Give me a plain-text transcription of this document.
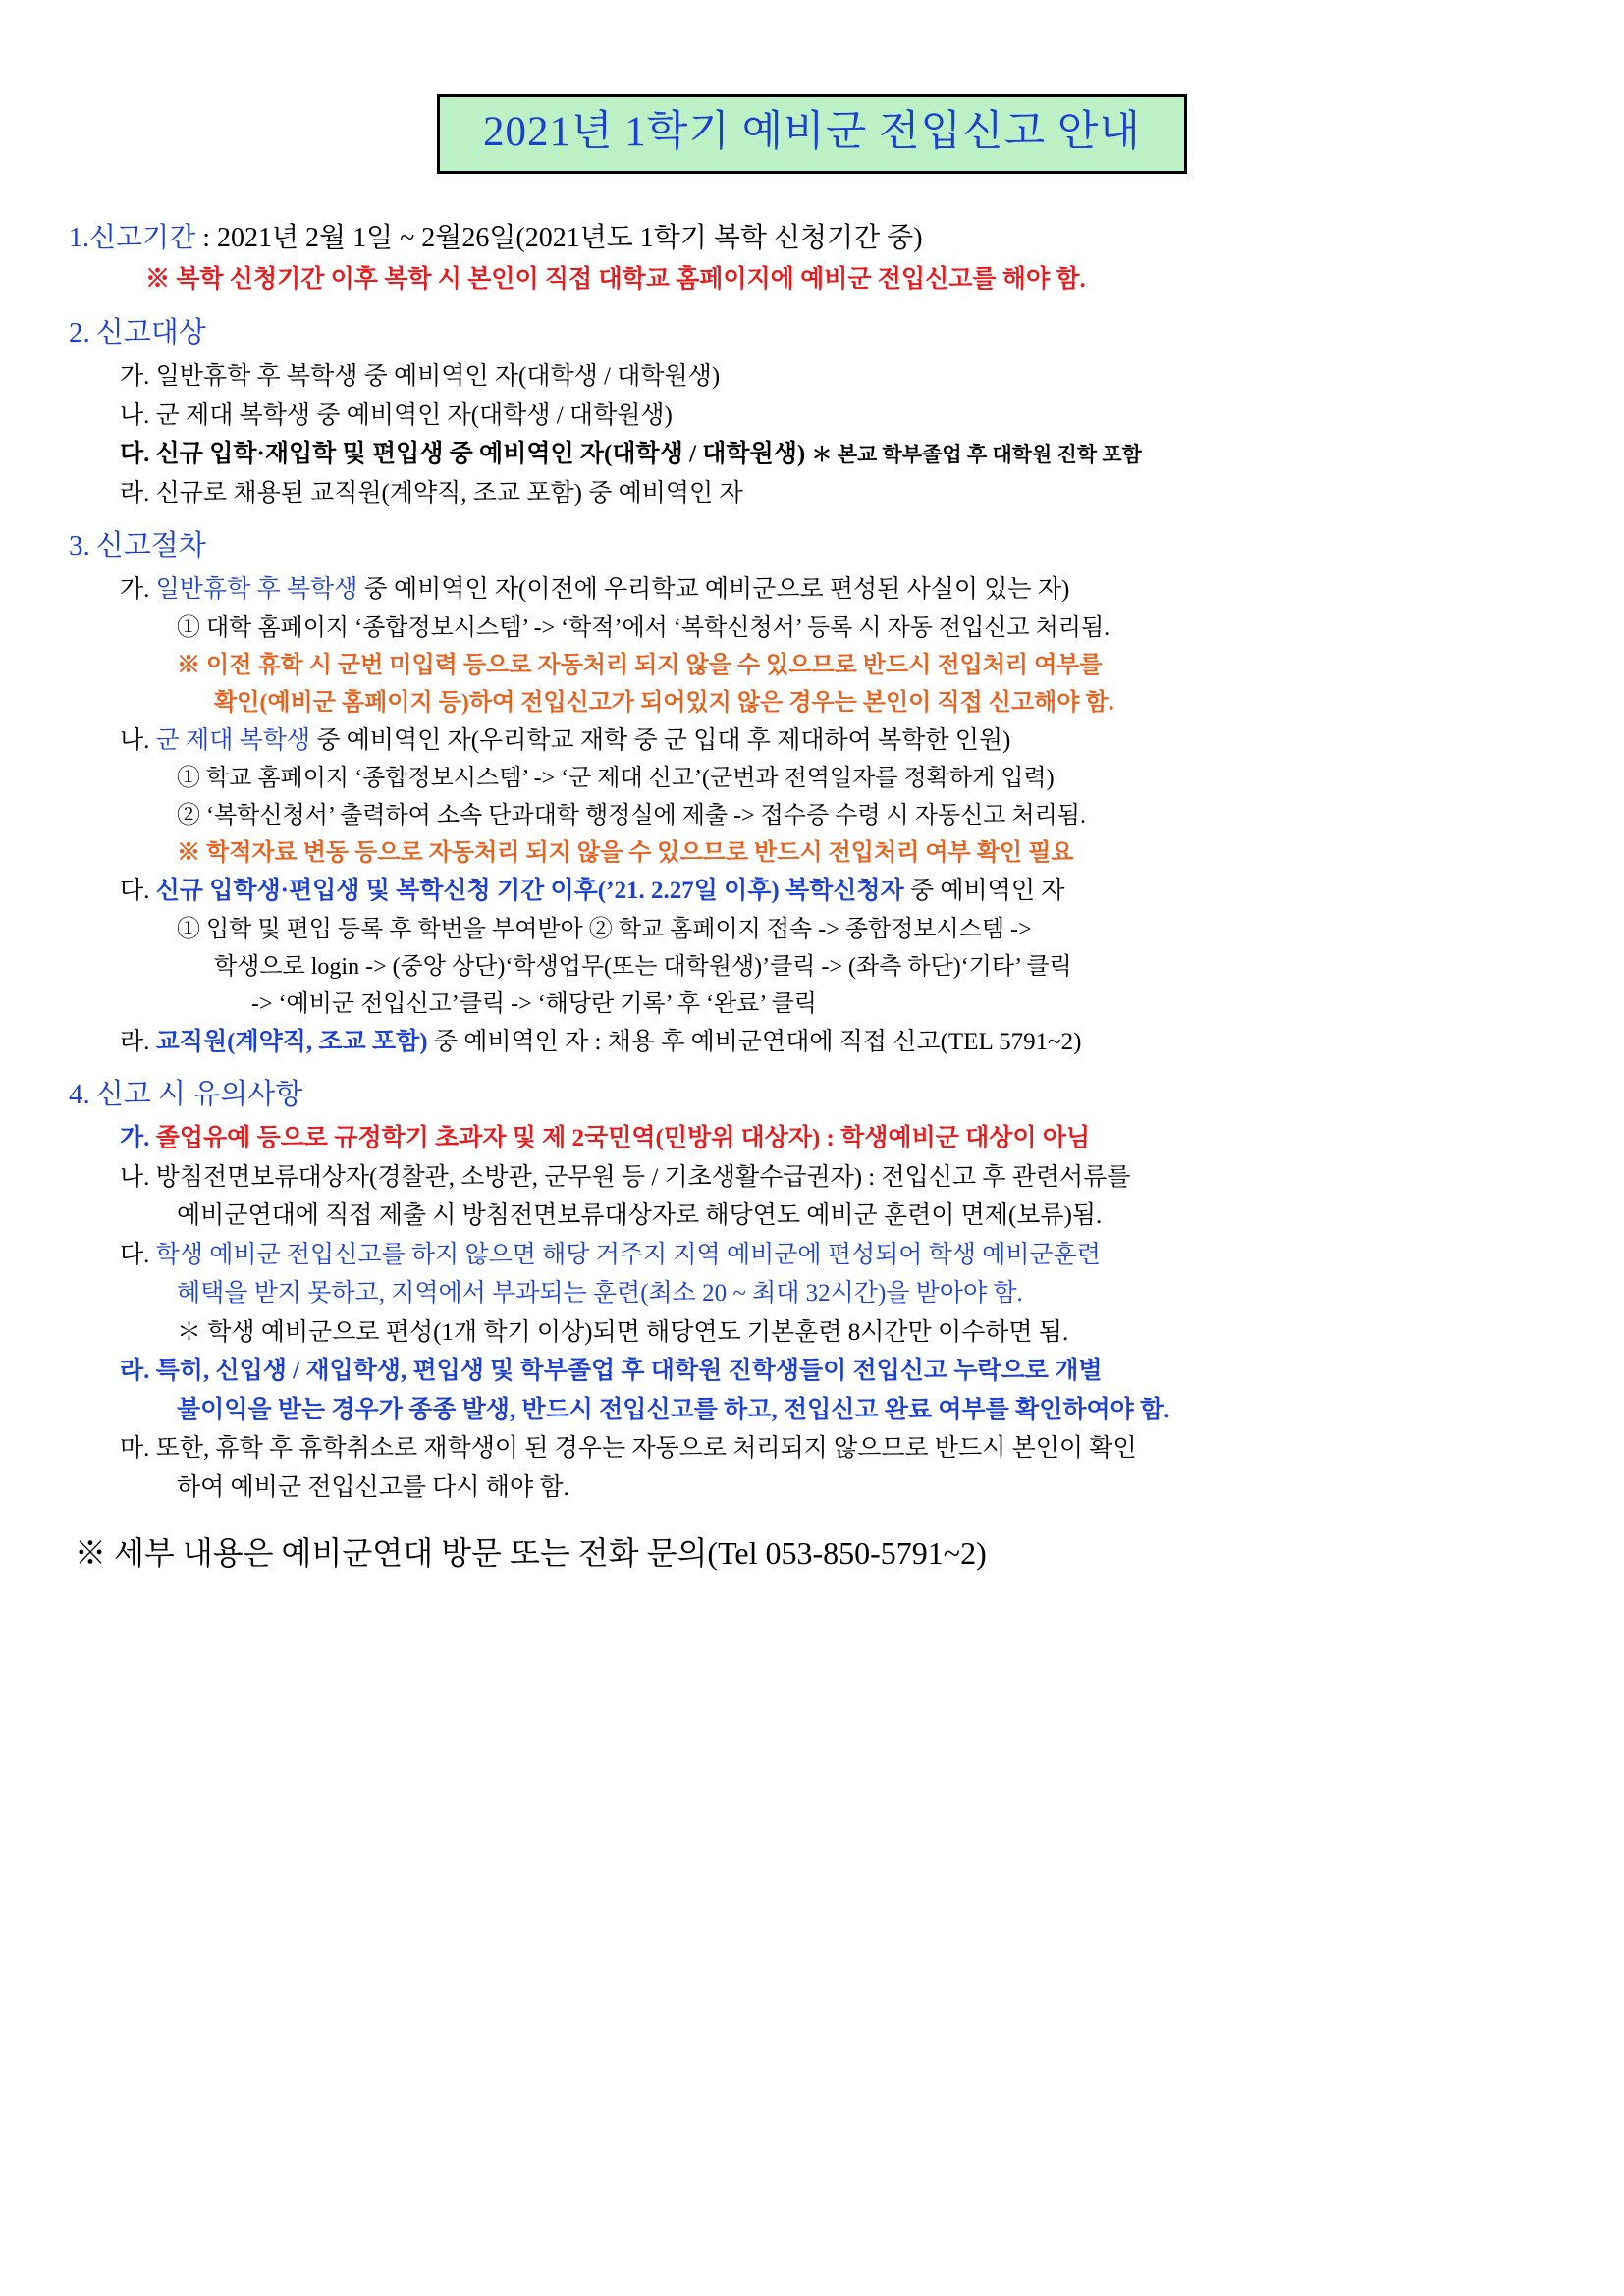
2021년 1학기 예비군 전입신고 안내
1.신고기간 : 2021년 2월 1일 ~ 2월26일(2021년도 1학기 복학 신청기간 중)
※ 복학 신청기간 이후 복학 시 본인이 직접 대학교 홈페이지에 예비군 전입신고를 해야 함.
2. 신고대상
가. 일반휴학 후 복학생 중 예비역인 자(대학생 / 대학원생)
나. 군 제대 복학생 중 예비역인 자(대학생 / 대학원생)
다. 신규 입학·재입학 및 편입생 중 예비역인 자(대학생 / 대학원생) ＊ 본교 학부졸업 후 대학원 진학 포함
라. 신규로 채용된 교직원(계약직, 조교 포함) 중 예비역인 자
3. 신고절차
가. 일반휴학 후 복학생 중 예비역인 자(이전에 우리학교 예비군으로 편성된 사실이 있는 자)
① 대학 홈페이지 ‘종합정보시스템’ -> ‘학적’에서 ‘복학신청서’ 등록 시 자동 전입신고 처리됨.
※ 이전 휴학 시 군번 미입력 등으로 자동처리 되지 않을 수 있으므로 반드시 전입처리 여부를
확인(예비군 홈페이지 등)하여 전입신고가 되어있지 않은 경우는 본인이 직접 신고해야 함.
나. 군 제대 복학생 중 예비역인 자(우리학교 재학 중 군 입대 후 제대하여 복학한 인원)
① 학교 홈페이지 ‘종합정보시스템’ -> ‘군 제대 신고’(군번과 전역일자를 정확하게 입력)
② ‘복학신청서’ 출력하여 소속 단과대학 행정실에 제출 -> 접수증 수령 시 자동신고 처리됨.
※ 학적자료 변동 등으로 자동처리 되지 않을 수 있으므로 반드시 전입처리 여부 확인 필요
다. 신규 입학생·편입생 및 복학신청 기간 이후(’21. 2.27일 이후) 복학신청자 중 예비역인 자
① 입학 및 편입 등록 후 학번을 부여받아 ② 학교 홈페이지 접속 -> 종합정보시스템 ->
학생으로 login -> (중앙 상단)‘학생업무(또는 대학원생)’클릭 -> (좌측 하단)‘기타’ 클릭
-> ‘예비군 전입신고’클릭 -> ‘해당란 기록’ 후 ‘완료’ 클릭
라. 교직원(계약직, 조교 포함) 중 예비역인 자 : 채용 후 예비군연대에 직접 신고(TEL 5791~2)
4. 신고 시 유의사항
가. 졸업유예 등으로 규정학기 초과자 및 제 2국민역(민방위 대상자) : 학생예비군 대상이 아님
나. 방침전면보류대상자(경찰관, 소방관, 군무원 등 / 기초생활수급권자) : 전입신고 후 관련서류를
예비군연대에 직접 제출 시 방침전면보류대상자로 해당연도 예비군 훈련이 면제(보류)됨.
다. 학생 예비군 전입신고를 하지 않으면 해당 거주지 지역 예비군에 편성되어 학생 예비군훈련
혜택을 받지 못하고, 지역에서 부과되는 훈련(최소 20 ~ 최대 32시간)을 받아야 함.
＊ 학생 예비군으로 편성(1개 학기 이상)되면 해당연도 기본훈련 8시간만 이수하면 됨.
라. 특히, 신입생 / 재입학생, 편입생 및 학부졸업 후 대학원 진학생들이 전입신고 누락으로 개별
불이익을 받는 경우가 종종 발생, 반드시 전입신고를 하고, 전입신고 완료 여부를 확인하여야 함.
마. 또한, 휴학 후 휴학취소로 재학생이 된 경우는 자동으로 처리되지 않으므로 반드시 본인이 확인
하여 예비군 전입신고를 다시 해야 함.
※ 세부 내용은 예비군연대 방문 또는 전화 문의(Tel 053-850-5791~2)
